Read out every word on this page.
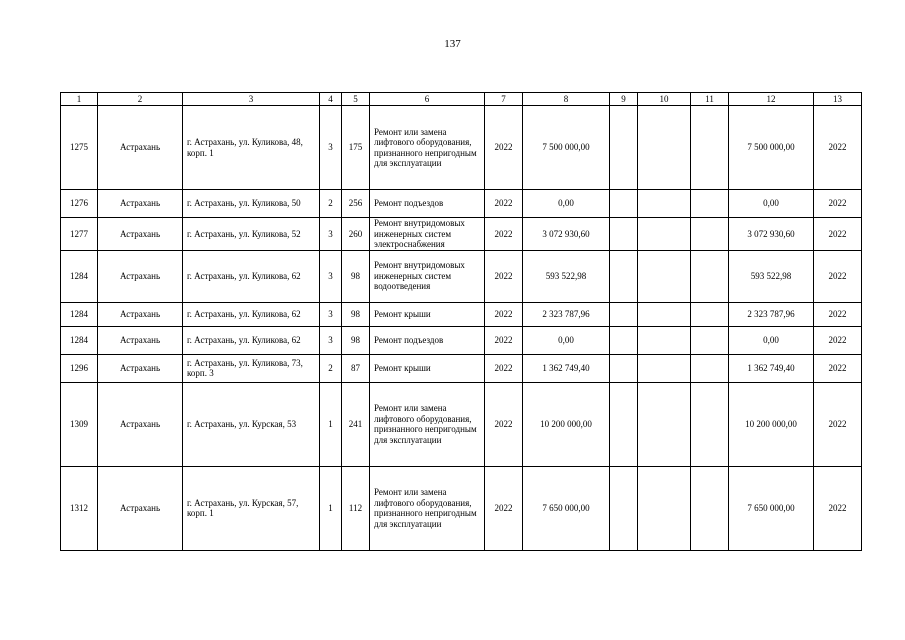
137
1	2	3	4	5	6	7	8	9	10	11	12	13
1275	Астрахань	г. Астрахань, ул. Куликова, 48, корп. 1	3	175	Ремонт или замена лифтового оборудования, признанного непригодным для эксплуатации	2022	7 500 000,00				7 500 000,00	2022
1276	Астрахань	г. Астрахань, ул. Куликова, 50	2	256	Ремонт подъездов	2022	0,00				0,00	2022
1277	Астрахань	г. Астрахань, ул. Куликова, 52	3	260	Ремонт внутридомовых инженерных систем электроснабжения	2022	3 072 930,60				3 072 930,60	2022
1284	Астрахань	г. Астрахань, ул. Куликова, 62	3	98	Ремонт внутридомовых инженерных систем водоотведения	2022	593 522,98				593 522,98	2022
1284	Астрахань	г. Астрахань, ул. Куликова, 62	3	98	Ремонт крыши	2022	2 323 787,96				2 323 787,96	2022
1284	Астрахань	г. Астрахань, ул. Куликова, 62	3	98	Ремонт подъездов	2022	0,00				0,00	2022
1296	Астрахань	г. Астрахань, ул. Куликова, 73, корп. 3	2	87	Ремонт крыши	2022	1 362 749,40				1 362 749,40	2022
1309	Астрахань	г. Астрахань, ул. Курская, 53	1	241	Ремонт или замена лифтового оборудования, признанного непригодным для эксплуатации	2022	10 200 000,00				10 200 000,00	2022
1312	Астрахань	г. Астрахань, ул. Курская, 57, корп. 1	1	112	Ремонт или замена лифтового оборудования, признанного непригодным для эксплуатации	2022	7 650 000,00				7 650 000,00	2022
